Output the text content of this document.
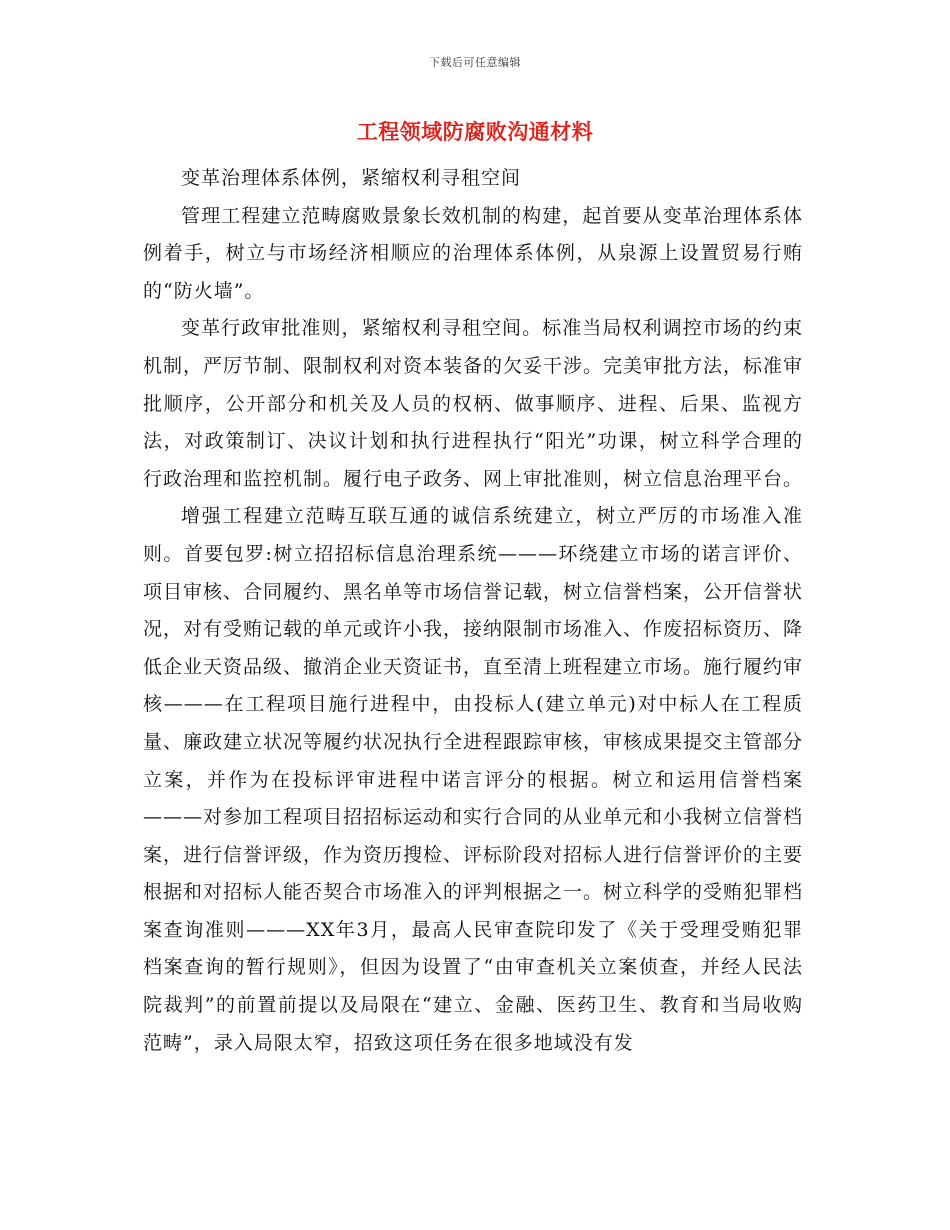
下载后可任意编辑
工程领域防腐败沟通材料

变革治理体系体例，紧缩权利寻租空间

管理工程建立范畴腐败景象长效机制的构建，起首要从变革治理体系体例着手，树立与市场经济相顺应的治理体系体例，从泉源上设置贸易行贿的“防火墙”。

变革行政审批准则，紧缩权利寻租空间。标准当局权利调控市场的约束机制，严厉节制、限制权利对资本装备的欠妥干涉。完美审批方法，标准审批顺序，公开部分和机关及人员的权柄、做事顺序、进程、后果、监视方法，对政策制订、决议计划和执行进程执行“阳光”功课，树立科学合理的行政治理和监控机制。履行电子政务、网上审批准则，树立信息治理平台。

增强工程建立范畴互联互通的诚信系统建立，树立严厉的市场准入准则。首要包罗:树立招招标信息治理系统———环绕建立市场的诺言评价、项目审核、合同履约、黑名单等市场信誉记载，树立信誉档案，公开信誉状况，对有受贿记载的单元或许小我，接纳限制市场准入、作废招标资历、降低企业天资品级、撤消企业天资证书，直至清上班程建立市场。施行履约审核———在工程项目施行进程中，由投标人(建立单元)对中标人在工程质量、廉政建立状况等履约状况执行全进程跟踪审核，审核成果提交主管部分立案，并作为在投标评审进程中诺言评分的根据。树立和运用信誉档案———对参加工程项目招招标运动和实行合同的从业单元和小我树立信誉档案，进行信誉评级，作为资历搜检、评标阶段对招标人进行信誉评价的主要根据和对招标人能否契合市场准入的评判根据之一。树立科学的受贿犯罪档案查询准则———XX年3月，最高人民审查院印发了《关于受理受贿犯罪档案查询的暂行规则》，但因为设置了“由审查机关立案侦查，并经人民法院裁判”的前置前提以及局限在“建立、金融、医药卫生、教育和当局收购范畴”，录入局限太窄，招致这项任务在很多地域没有发
